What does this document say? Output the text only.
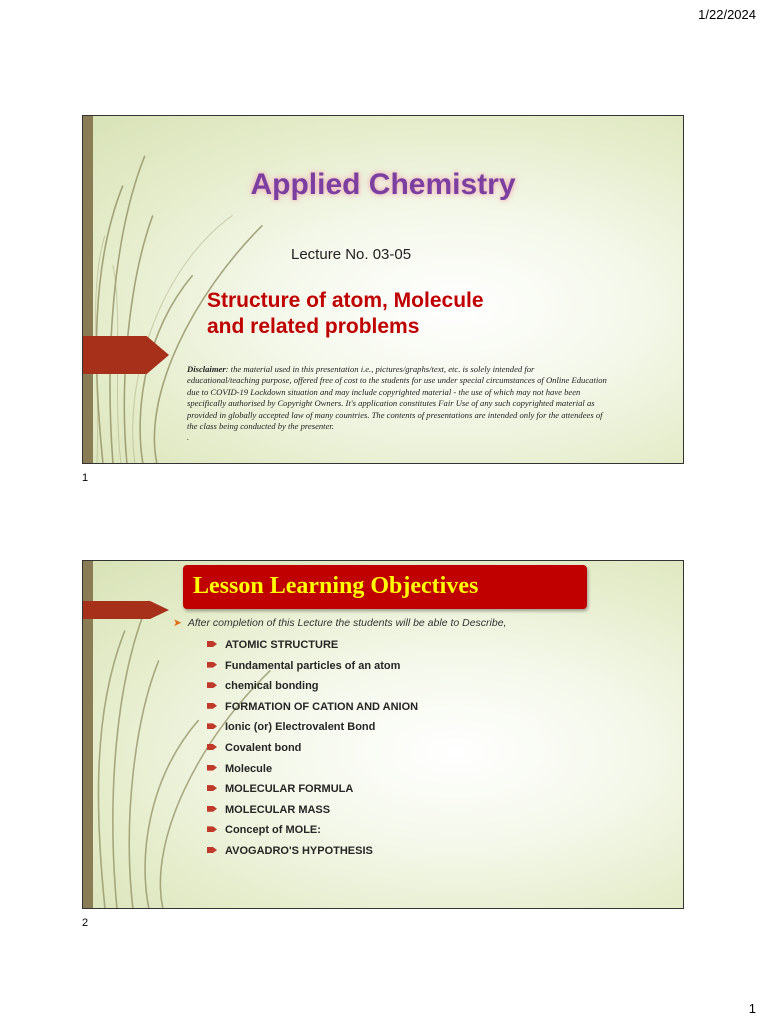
1/22/2024
Applied Chemistry
Lecture No. 03-05
Structure of atom, Molecule
and related problems
Disclaimer: the material used in this presentation i.e., pictures/graphs/text, etc. is solely intended for educational/teaching purpose, offered free of cost to the students for use under special circumstances of Online Education due to COVID-19 Lockdown situation and may include copyrighted material - the use of which may not have been specifically authorised by Copyright Owners. It's application constitutes Fair Use of any such copyrighted material as provided in globally accepted law of many countries. The contents of presentations are intended only for the attendees of the class being conducted by the presenter.
.
1
Lesson Learning Objectives
➤ After completion of this Lecture the students will be able to Describe,
ATOMIC STRUCTURE
Fundamental particles of an atom
chemical bonding
FORMATION OF CATION AND ANION
Ionic (or) Electrovalent Bond
Covalent bond
Molecule
MOLECULAR FORMULA
MOLECULAR MASS
Concept of MOLE:
AVOGADRO'S HYPOTHESIS
2
1
